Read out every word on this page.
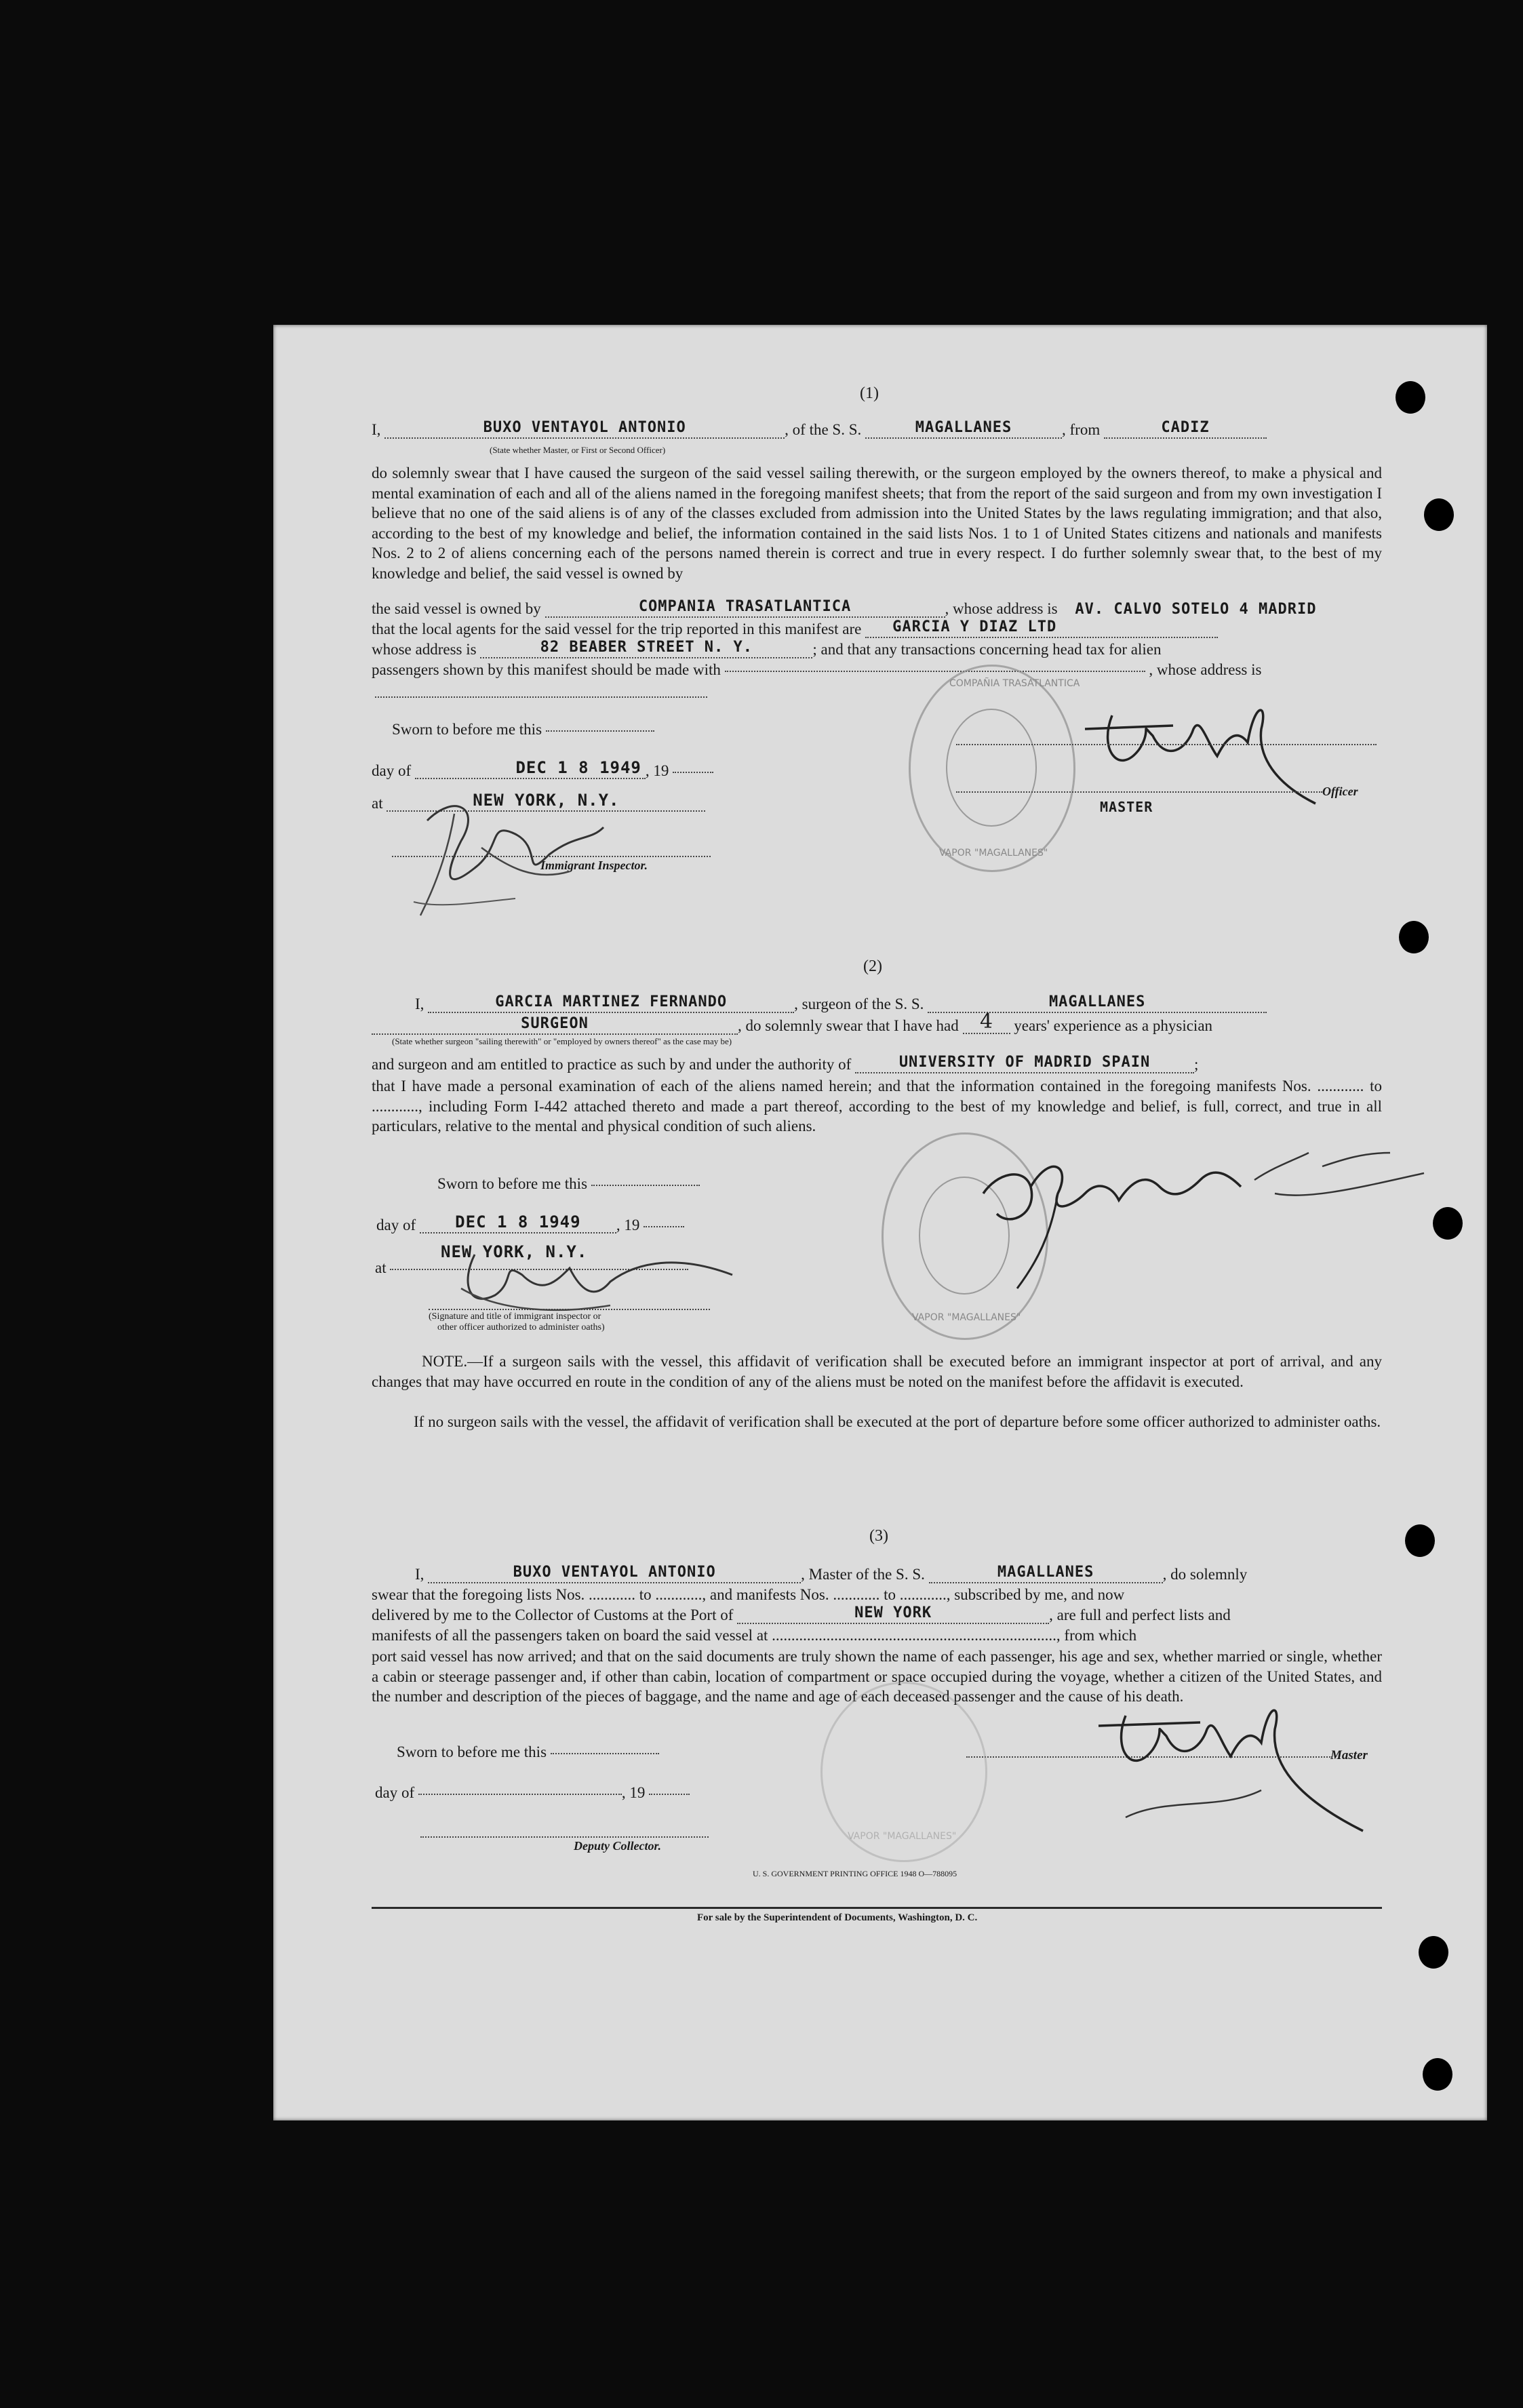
(1)
I,	BUXO VENTAYOL ANTONIO	, of the S. S.	MAGALLANES	, from	CADIZ
(State whether Master, or First or Second Officer)
do solemnly swear that I have caused the surgeon of the said vessel sailing therewith, or the surgeon employed by the owners thereof, to make a physical and mental examination of each and all of the aliens named in the foregoing manifest sheets; that from the report of the said surgeon and from my own investigation I believe that no one of the said aliens is of any of the classes excluded from admission into the United States by the laws regulating immigration; and that also, according to the best of my knowledge and belief, the information contained in the said lists Nos. 1 to 1 of United States citizens and nationals and manifests Nos. 2 to 2 of aliens concerning each of the persons named therein is correct and true in every respect. I do further solemnly swear that, to the best of my knowledge and belief, the said vessel is owned by
the said vessel is owned by	COMPANIA TRASATLANTICA	, whose address is AV. CALVO SOTELO 4 MADRID
that the local agents for the said vessel for the trip reported in this manifest are GARCIA Y DIAZ LTD
whose address is	82 BEABER STREET N. Y.	; and that any transactions concerning head tax for alien
passengers shown by this manifest should be made with	, whose address is
Sworn to before me this
day of	DEC 1 8 1949 , 19
at	NEW YORK, N.Y.
Immigrant Inspector.
COMPAÑIA TRASATLANTICA
VAPOR "MAGALLANES"
Officer
MASTER
(2)
I,	GARCIA MARTINEZ FERNANDO	, surgeon of the S. S.	MAGALLANES
SURGEON	, do solemnly swear that I have had 4 years' experience as a physician
(State whether surgeon "sailing therewith" or "employed by owners thereof" as the case may be)
and surgeon and am entitled to practice as such by and under the authority of	UNIVERSITY OF MADRID SPAIN	;
that I have made a personal examination of each of the aliens named herein; and that the information contained in the foregoing manifests Nos. ............ to ............, including Form I-442 attached thereto and made a part thereof, according to the best of my knowledge and belief, is full, correct, and true in all particulars, relative to the mental and physical condition of such aliens.
Sworn to before me this
day of DEC 1 8 1949 , 19
NEW YORK, N.Y.
at
(Signature and title of immigrant inspector or
other officer authorized to administer oaths)
VAPOR "MAGALLANES"
NOTE.—If a surgeon sails with the vessel, this affidavit of verification shall be executed before an immigrant inspector at port of arrival, and any changes that may have occurred en route in the condition of any of the aliens must be noted on the manifest before the affidavit is executed.
If no surgeon sails with the vessel, the affidavit of verification shall be executed at the port of departure before some officer authorized to administer oaths.
(3)
I,	BUXO VENTAYOL ANTONIO	, Master of the S. S.	MAGALLANES	, do solemnly
swear that the foregoing lists Nos. ............ to ............, and manifests Nos. ............ to ............, subscribed by me, and now
delivered by me to the Collector of Customs at the Port of	NEW YORK	, are full and perfect lists and
manifests of all the passengers taken on board the said vessel at ........................................................................., from which
port said vessel has now arrived; and that on the said documents are truly shown the name of each passenger, his age and sex, whether married or single, whether a cabin or steerage passenger and, if other than cabin, location of compartment or space occupied during the voyage, whether a citizen of the United States, and the number and description of the pieces of baggage, and the name and age of each deceased passenger and the cause of his death.
Sworn to before me this
day of	, 19
Deputy Collector.
Master
VAPOR "MAGALLANES"
U. S. GOVERNMENT PRINTING OFFICE 1948 O—788095
For sale by the Superintendent of Documents, Washington, D. C.
